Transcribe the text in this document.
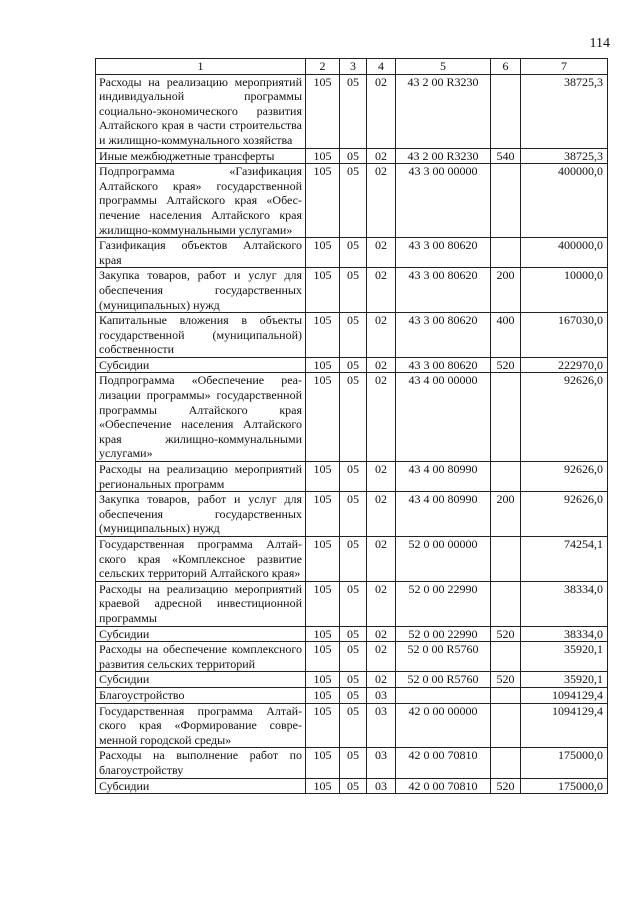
114
1	2	3	4	5	6	7
Расходы на реализацию мероприятий индивидуальной программы социально-экономического развития Алтайского края в части строительства и жилищно-коммунального хозяйства	105	05	02	43 2 00 R3230		38725,3
Иные межбюджетные трансферты	105	05	02	43 2 00 R3230	540	38725,3
Подпрограмма «Газификация Алтайского края» государственной программы Алтайского края «Обеспечение населения Алтайского края жилищно-коммунальными услугами»	105	05	02	43 3 00 00000		400000,0
Газификация объектов Алтайского края	105	05	02	43 3 00 80620		400000,0
Закупка товаров, работ и услуг для обеспечения государственных (муниципальных) нужд	105	05	02	43 3 00 80620	200	10000,0
Капитальные вложения в объекты государственной (муниципальной) собственности	105	05	02	43 3 00 80620	400	167030,0
Субсидии	105	05	02	43 3 00 80620	520	222970,0
Подпрограмма «Обеспечение реализации программы» государственной программы Алтайского края «Обеспечение населения Алтайского края жилищно-коммунальными услугами»	105	05	02	43 4 00 00000		92626,0
Расходы на реализацию мероприятий региональных программ	105	05	02	43 4 00 80990		92626,0
Закупка товаров, работ и услуг для обеспечения государственных (муниципальных) нужд	105	05	02	43 4 00 80990	200	92626,0
Государственная программа Алтайского края «Комплексное развитие сельских территорий Алтайского края»	105	05	02	52 0 00 00000		74254,1
Расходы на реализацию мероприятий краевой адресной инвестиционной программы	105	05	02	52 0 00 22990		38334,0
Субсидии	105	05	02	52 0 00 22990	520	38334,0
Расходы на обеспечение комплексного развития сельских территорий	105	05	02	52 0 00 R5760		35920,1
Субсидии	105	05	02	52 0 00 R5760	520	35920,1
Благоустройство	105	05	03			1094129,4
Государственная программа Алтайского края «Формирование современной городской среды»	105	05	03	42 0 00 00000		1094129,4
Расходы на выполнение работ по благоустройству	105	05	03	42 0 00 70810		175000,0
Субсидии	105	05	03	42 0 00 70810	520	175000,0
